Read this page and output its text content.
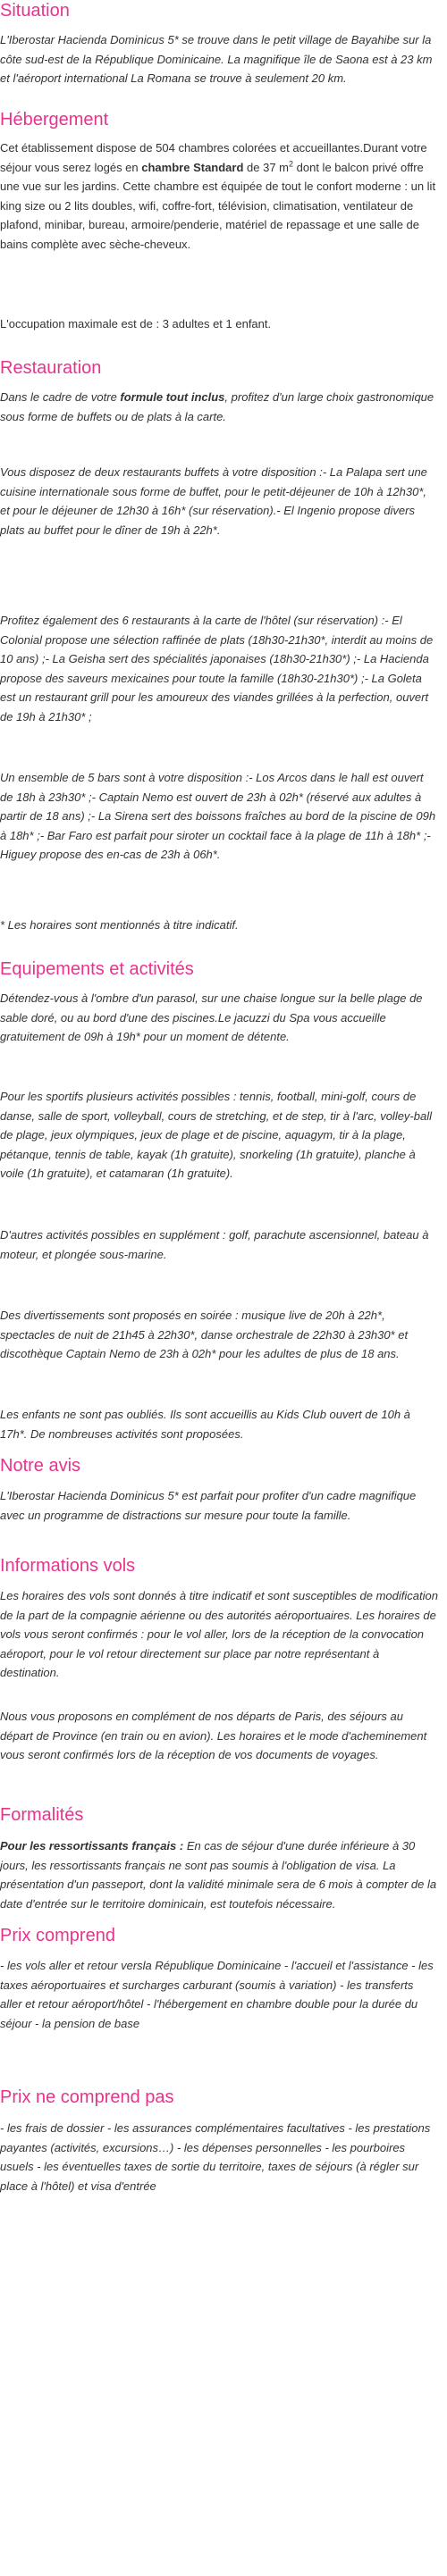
Situation

L'Iberostar Hacienda Dominicus 5* se trouve dans le petit village de Bayahibe sur la côte sud-est de la République Dominicaine. La magnifique île de Saona est à 23 km et l'aéroport international La Romana se trouve à seulement 20 km.

Hébergement

Cet établissement dispose de 504 chambres colorées et accueillantes.Durant votre séjour vous serez logés en chambre Standard de 37 $m^2$ dont le balcon privé offre une vue sur les jardins. Cette chambre est équipée de tout le confort moderne : un lit king size ou 2 lits doubles, wifi, coffre-fort, télévision, climatisation, ventilateur de plafond, minibar, bureau, armoire/penderie, matériel de repassage et une salle de bains complète avec sèche-cheveux.

L'occupation maximale est de : 3 adultes et 1 enfant.

Restauration

Dans le cadre de votre formule tout inclus, profitez d'un large choix gastronomique sous forme de buffets ou de plats à la carte.

Vous disposez de deux restaurants buffets à votre disposition :- La Palapa sert une cuisine internationale sous forme de buffet, pour le petit-déjeuner de 10h à 12h30*, et pour le déjeuner de 12h30 à 16h* (sur réservation).- El Ingenio propose divers plats au buffet pour le dîner de 19h à 22h*.

Profitez également des 6 restaurants à la carte de l'hôtel (sur réservation) :- El Colonial propose une sélection raffinée de plats (18h30-21h30*, interdit au moins de 10 ans) ;- La Geisha sert des spécialités japonaises (18h30-21h30*) ;- La Hacienda propose des saveurs mexicaines pour toute la famille (18h30-21h30*) ;- La Goleta est un restaurant grill pour les amoureux des viandes grillées à la perfection, ouvert de 19h à 21h30* ;

Un ensemble de 5 bars sont à votre disposition :- Los Arcos dans le hall est ouvert de 18h à 23h30* ;- Captain Nemo est ouvert de 23h à 02h* (réservé aux adultes à partir de 18 ans) ;- La Sirena sert des boissons fraîches au bord de la piscine de 09h à 18h* ;- Bar Faro est parfait pour siroter un cocktail face à la plage de 11h à 18h* ;- Higuey propose des en-cas de 23h à 06h*.

* Les horaires sont mentionnés à titre indicatif.

Equipements et activités

Détendez-vous à l'ombre d'un parasol, sur une chaise longue sur la belle plage de sable doré, ou au bord d'une des piscines.Le jacuzzi du Spa vous accueille gratuitement de 09h à 19h* pour un moment de détente.

Pour les sportifs plusieurs activités possibles : tennis, football, mini-golf, cours de danse, salle de sport, volleyball, cours de stretching, et de step, tir à l'arc, volley-ball de plage, jeux olympiques, jeux de plage et de piscine, aquagym, tir à la plage, pétanque, tennis de table, kayak (1h gratuite), snorkeling (1h gratuite), planche à voile (1h gratuite), et catamaran (1h gratuite).

D'autres activités possibles en supplément : golf, parachute ascensionnel, bateau à moteur, et plongée sous-marine.

Des divertissements sont proposés en soirée : musique live de 20h à 22h*, spectacles de nuit de 21h45 à 22h30*, danse orchestrale de 22h30 à 23h30* et discothèque Captain Nemo de 23h à 02h* pour les adultes de plus de 18 ans.

Les enfants ne sont pas oubliés. Ils sont accueillis au Kids Club ouvert de 10h à 17h*. De nombreuses activités sont proposées.

Notre avis

L'Iberostar Hacienda Dominicus 5* est parfait pour profiter d'un cadre magnifique avec un programme de distractions sur mesure pour toute la famille.

Informations vols

Les horaires des vols sont donnés à titre indicatif et sont susceptibles de modification de la part de la compagnie aérienne ou des autorités aéroportuaires. Les horaires de vols vous seront confirmés : pour le vol aller, lors de la réception de la convocation aéroport, pour le vol retour directement sur place par notre représentant à destination.

Nous vous proposons en complément de nos départs de Paris, des séjours au départ de Province (en train ou en avion). Les horaires et le mode d'acheminement vous seront confirmés lors de la réception de vos documents de voyages.

Formalités

Pour les ressortissants français : En cas de séjour d'une durée inférieure à 30 jours, les ressortissants français ne sont pas soumis à l'obligation de visa. La présentation d'un passeport, dont la validité minimale sera de 6 mois à compter de la date d'entrée sur le territoire dominicain, est toutefois nécessaire.

Prix comprend

- les vols aller et retour versla République Dominicaine - l'accueil et l'assistance - les taxes aéroportuaires et surcharges carburant (soumis à variation) - les transferts aller et retour aéroport/hôtel - l'hébergement en chambre double pour la durée du séjour - la pension de base

Prix ne comprend pas

- les frais de dossier - les assurances complémentaires facultatives - les prestations payantes (activités, excursions…) - les dépenses personnelles - les pourboires usuels - les éventuelles taxes de sortie du territoire, taxes de séjours (à régler sur place à l'hôtel) et visa d'entrée
